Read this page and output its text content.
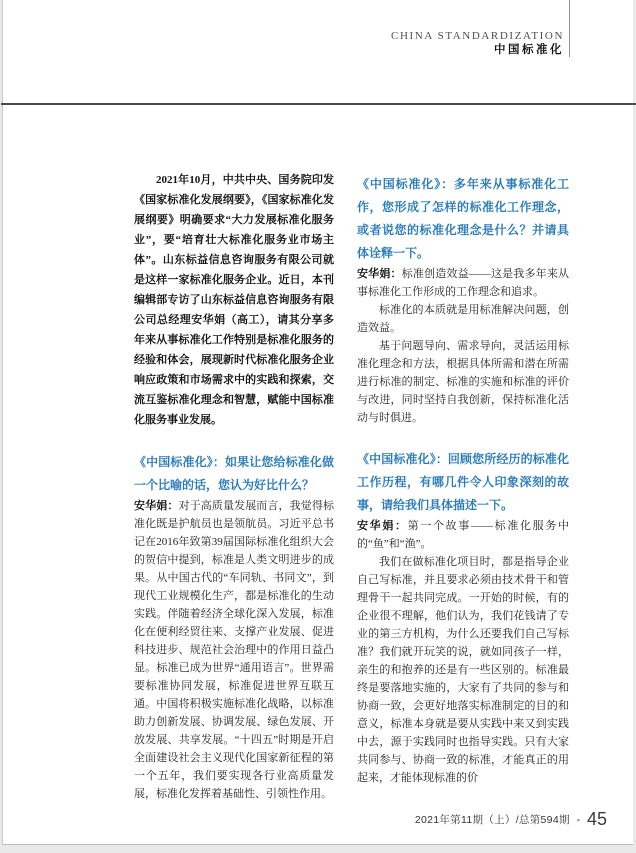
CHINA STANDARDIZATION
中国标准化

2021年10月，中共中央、国务院印发《国家标准化发展纲要》，《国家标准化发展纲要》明确要求“大力发展标准化服务业”，要“培育壮大标准化服务业市场主体”。山东标益信息咨询服务有限公司就是这样一家标准化服务企业。近日，本刊编辑部专访了山东标益信息咨询服务有限公司总经理安华娟（高工），请其分享多年来从事标准化工作特别是标准化服务的经验和体会，展现新时代标准化服务企业响应政策和市场需求中的实践和探索，交流互鉴标准化理念和智慧，赋能中国标准化服务事业发展。

《中国标准化》：如果让您给标准化做一个比喻的话，您认为好比什么？

安华娟：对于高质量发展而言，我觉得标准化既是护航员也是领航员。习近平总书记在2016年致第39届国际标准化组织大会的贺信中提到，标准是人类文明进步的成果。从中国古代的“车同轨、书同文”，到现代工业规模化生产，都是标准化的生动实践。伴随着经济全球化深入发展，标准化在便利经贸往来、支撑产业发展、促进科技进步、规范社会治理中的作用日益凸显。标准已成为世界“通用语言”。世界需要标准协同发展，标准促进世界互联互通。中国将积极实施标准化战略，以标准助力创新发展、协调发展、绿色发展、开放发展、共享发展。“十四五”时期是开启全面建设社会主义现代化国家新征程的第一个五年，我们要实现各行业高质量发展，标准化发挥着基础性、引领性作用。

《中国标准化》：多年来从事标准化工作，您形成了怎样的标准化工作理念，或者说您的标准化理念是什么？并请具体诠释一下。

安华娟：标准创造效益——这是我多年来从事标准化工作形成的工作理念和追求。

标准化的本质就是用标准解决问题，创造效益。

基于问题导向、需求导向，灵活运用标准化理念和方法，根据具体所需和潜在所需进行标准的制定、标准的实施和标准的评价与改进，同时坚持自我创新，保持标准化活动与时俱进。

《中国标准化》：回顾您所经历的标准化工作历程，有哪几件令人印象深刻的故事，请给我们具体描述一下。

安华娟：第一个故事——标准化服务中的“鱼”和“渔”。

我们在做标准化项目时，都是指导企业自己写标准，并且要求必须由技术骨干和管理骨干一起共同完成。一开始的时候，有的企业很不理解，他们认为，我们花钱请了专业的第三方机构，为什么还要我们自己写标准？我们就开玩笑的说，就如同孩子一样，亲生的和抱养的还是有一些区别的。标准最终是要落地实施的，大家有了共同的参与和协商一致，会更好地落实标准制定的目的和意义，标准本身就是要从实践中来又到实践中去，源于实践同时也指导实践。只有大家共同参与、协商一致的标准，才能真正的用起来，才能体现标准的价

2021年第11期（上）/总第594期 ▪ 45
